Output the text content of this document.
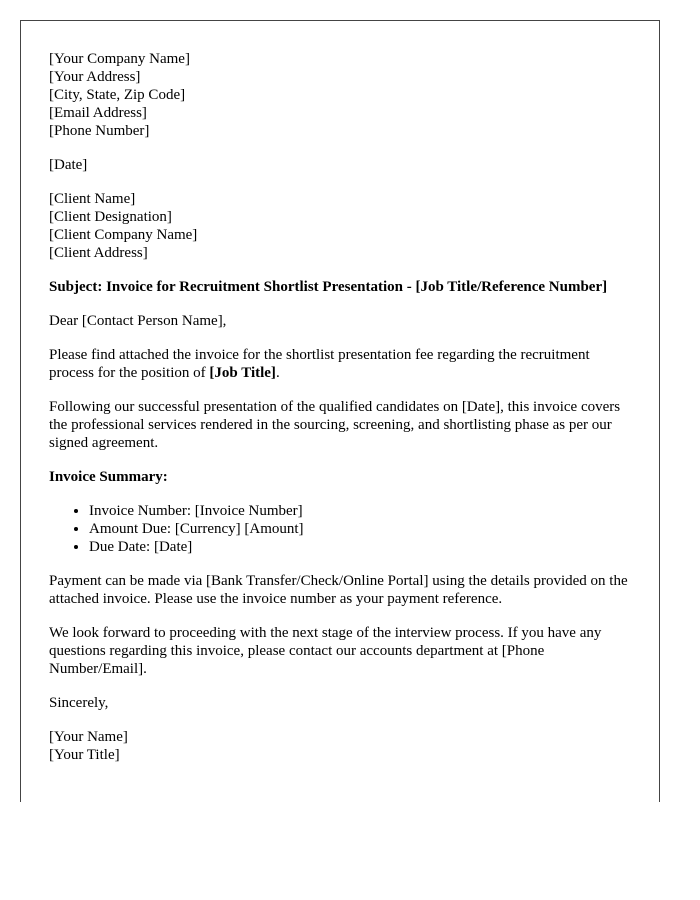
[Your Company Name]
[Your Address]
[City, State, Zip Code]
[Email Address]
[Phone Number]
[Date]
[Client Name]
[Client Designation]
[Client Company Name]
[Client Address]
Subject: Invoice for Recruitment Shortlist Presentation - [Job Title/Reference Number]

Dear [Contact Person Name],

Please find attached the invoice for the shortlist presentation fee regarding the recruitment process for the position of [Job Title].

Following our successful presentation of the qualified candidates on [Date], this invoice covers the professional services rendered in the sourcing, screening, and shortlisting phase as per our signed agreement.

Invoice Summary:
• Invoice Number: [Invoice Number]
• Amount Due: [Currency] [Amount]
• Due Date: [Date]

Payment can be made via [Bank Transfer/Check/Online Portal] using the details provided on the attached invoice. Please use the invoice number as your payment reference.

We look forward to proceeding with the next stage of the interview process. If you have any questions regarding this invoice, please contact our accounts department at [Phone Number/Email].

Sincerely,

[Your Name]
[Your Title]
